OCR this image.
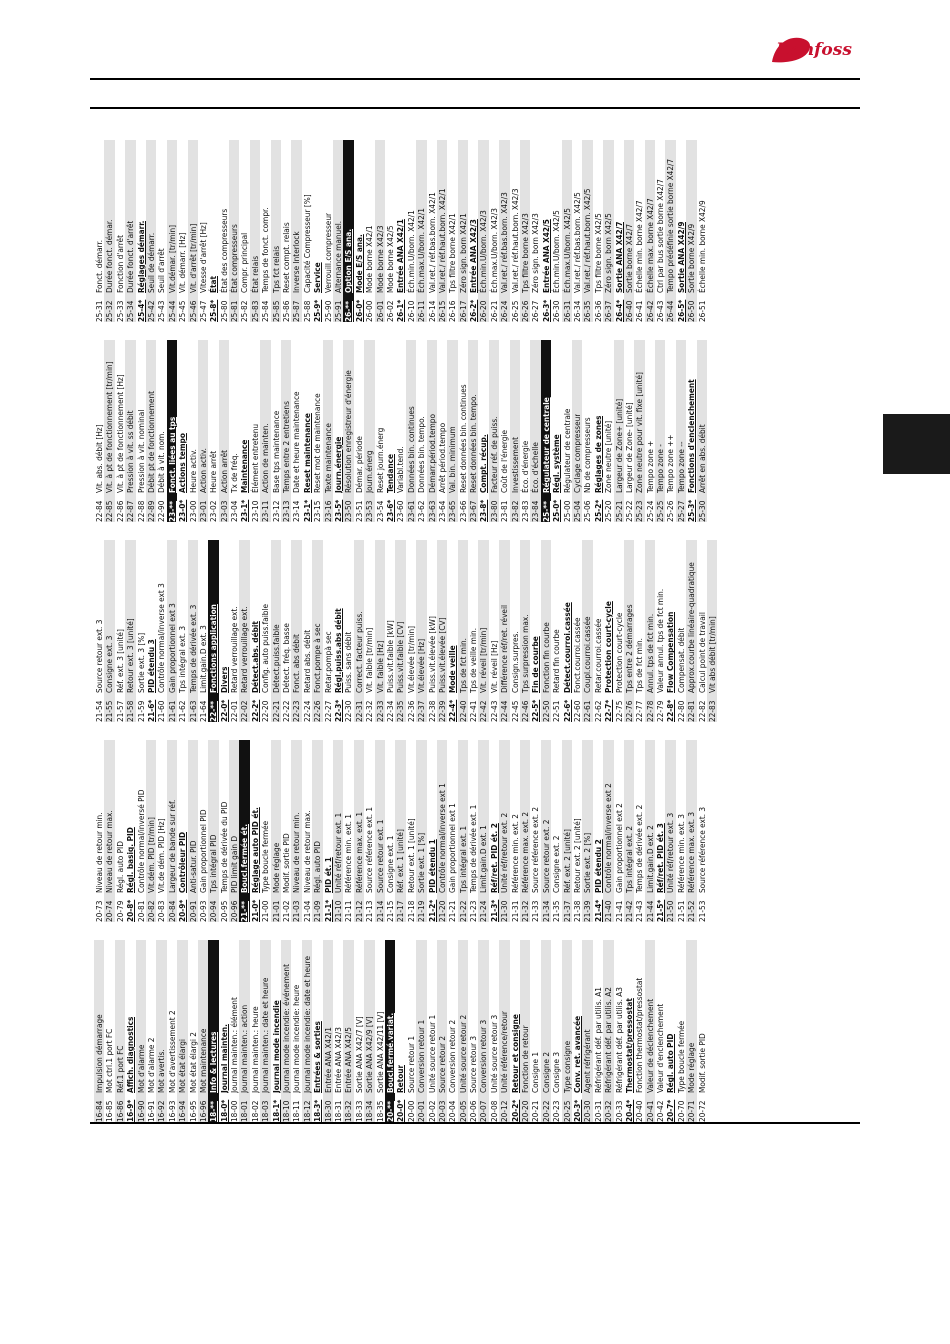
Danfoss
16-84
Impulsion démarrage
16-85
Mot ctrl.1 port FC
16-86
Réf.1 port FC
16-9*
Affich. diagnostics
16-90
Mot d'alarme
16-91
Mot d'alarme 2
16-92
Mot avertis.
16-93
Mot d'avertissement 2
16-94
Mot état élargi
16-95
Mot état élargi 2
16-96
Mot maintenance
18-**
Info & lectures
18-0*
Journal mainten.
18-00
Journal mainten.: élément
18-01
Journal mainten.: action
18-02
Journal mainten.: heure
18-03
Journal mainten.: date et heure
18-1*
Journal mode incendie
18-10
Journal mode incendie: événement
18-11
Journal mode incendie: heure
18-12
Journal mode incendie: date et heure
18-3*
Entrées & sorties
18-30
Entrée ANA X42/1
18-31
Entrée ANA X42/3
18-32
Entrée ANA X42/5
18-33
Sortie ANA X42/7 [V]
18-34
Sortie ANA X42/9 [V]
18-35
Sortie ANA X42/11 [V]
20-**
Boucl.fermé.variat.
20-0*
Retour
20-00
Source retour 1
20-01
Conversion retour 1
20-02
Unité source retour 1
20-03
Source retour 2
20-04
Conversion retour 2
20-05
Unité source retour 2
20-06
Source retour 3
20-07
Conversion retour 3
20-08
Unité source retour 3
20-12
Unité référence/retour
20-2*
Retour et consigne
20-20
Fonction de retour
20-21
Consigne 1
20-22
Consigne 2
20-23
Consigne 3
20-25
Type consigne
20-3*
Conv. ret. avancée
20-30
Agent réfrigérant
20-31
Réfrigérant déf. par utilis. A1
20-32
Réfrigérant déf. par utilis. A2
20-33
Réfrigérant déf. par utilis. A3
20-4*
Thermostat/pressostat
20-40
Fonction thermostat/pressostat
20-41
Valeur de déclenchement
20-42
Valeur d'enclenchement
20-7*
Régl. auto PID
20-70
Type boucle fermée
20-71
Mode réglage
20-72
Modif. sortie PID
20-73
Niveau de retour min.
20-74
Niveau de retour max.
20-79
Régl. auto PID
20-8*
Régl. basiq. PID
20-81
Contrôle normal/inversé PID
20-82
Vit.dém. PID [tr/min]
20-83
Vit.de dém. PID [Hz]
20-84
Largeur de bande sur réf.
20-9*
Contrôleur PID
20-91
Anti-satur. PID
20-93
Gain proportionnel PID
20-94
Tps intégral PID
20-95
Temps de dérivée du PID
20-96
PID limit gain D
21-**
Boucl.fermée ét.
21-0*
Réglage auto PID ét.
21-00
Type boucle fermée
21-01
Mode réglage
21-02
Modif. sortie PID
21-03
Niveau de retour min.
21-04
Niveau de retour max.
21-09
Régl. auto PID
21-1*
PID ét. 1
21-10
Unité réf/retour ext. 1
21-11
Référence min. ext. 1
21-12
Référence max. ext. 1
21-13
Source référence ext. 1
21-14
Source retour ext. 1
21-15
Consigne ext. 1
21-17
Réf. ext. 1 [unité]
21-18
Retour ext. 1 [unité]
21-19
Sortie ext. 1 [%]
21-2*
PID étendu 1
21-20
Contrôle normal/inverse ext 1
21-21
Gain proportionnel ext 1
21-22
Tps intégral ext. 1
21-23
Temps de dérivée ext. 1
21-24
Limit.gain.D ext. 1
21-3*
Réf/ret. PID ét. 2
21-30
Unité réf/retour ext. 2
21-31
Référence min. ext. 2
21-32
Référence max. ext. 2
21-33
Source référence ext. 2
21-34
Source retour ext. 2
21-35
Consigne ext. 2
21-37
Réf. ext. 2 [unité]
21-38
Retour ext. 2 [unité]
21-39
Sortie ext. 2 [%]
21-4*
PID étendu 2
21-40
Contrôle normal/inverse ext 2
21-41
Gain proportionnel ext 2
21-42
Tps intégral ext. 2
21-43
Temps de dérivée ext. 2
21-44
Limit.gain.D ext. 2
21-5*
Réf/ret. PID ét. 3
21-50
Unité réf/retour ext. 3
21-51
Référence min. ext. 3
21-52
Référence max. ext. 3
21-53
Source référence ext. 3
21-54
Source retour ext. 3
21-55
Consigne ext. 3
21-57
Réf. ext. 3 [unité]
21-58
Retour ext. 3 [unité]
21-59
Sortie ext. 3 [%]
21-6*
PID étendu 3
21-60
Contrôle normal/inverse ext 3
21-61
Gain proportionnel ext 3
21-62
Tps intégral ext. 3
21-63
Temps de dérivée ext. 3
21-64
Limit.gain.D ext. 3
22-**
Fonctions application
22-0*
Divers
22-01
Retard verrouillage ext.
22-02
Retard verrouillage ext.
22-2*
Détect.abs. débit
22-20
Config. auto puiss.faible
22-21
Détect.puiss.faible
22-22
Détect. fréq. basse
22-23
Fonct. abs débit
22-24
Retard abs. débit
22-26
Fonct.pompe à sec
22-27
Retar.pompà sec
22-3*
Régl.puiss.abs débit
22-30
Puiss. sans débit
22-31
Correct. facteur puiss.
22-32
Vit. faible [tr/min]
22-33
Vit. faible [Hz]
22-34
Puiss.vit.faible [kW]
22-35
Puiss.vit.faible [CV]
22-36
Vit.élevée [tr/min]
22-37
Vit.élevée [Hz]
22-38
Puiss.vit.élevée [kW]
22-39
Puiss.vit.élevée [CV]
22-4*
Mode veille
22-40
Tps de fct min.
22-41
Tps de veille min.
22-42
Vit. réveil [tr/min]
22-43
Vit. réveil [Hz]
22-44
Différence réf/ret. réveil
22-45
Consign.surpres.
22-46
Tps surpression max.
22-5*
Fin de courbe
22-50
Fonction fin courbe
22-51
Retard fin courbe
22-6*
Détect.courroi.cassée
22-60
Fonct.courroi.cassée
22-61
Coupl.courroi.cassée
22-62
Retar.courroi.cassée
22-7*
Protection court-cycle
22-75
Protection court-cycle
22-76
Tps entre 2 démarrages
22-77
Tps de fct min.
22-78
Annul. tps de fct min.
22-79
Valeur annul. tps de fct min.
22-8*
Flow Compensation
22-80
Compensat. débit
22-81
Approx.courbe linéaire-quadratique
22-82
Calcul point de travail
22-83
Vit abs débit [tr/min]
22-84
Vit. abs. débit [Hz]
22-85
Vit. à pt de fonctionnement [tr/min]
22-86
Vit. à pt de fonctionnement [Hz]
22-87
Pression à vit. ss débit
22-88
Pression à vit. nominal
22-89
Débit pt de fonctionnement
22-90
Débit à vit. nom.
23-**
Fonct. liées au tps
23-0*
Actions tempo
23-00
Heure activ.
23-01
Action activ.
23-02
Heure arrêt
23-03
Action arrêt
23-04
Tx de fréq.
23-1*
Maintenance
23-10
Élément entretenu
23-11
Action de mainten.
23-12
Base tps maintenance
23-13
Temps entre 2 entretiens
23-14
Date et heure maintenance
23-1*
Reset maintenance
23-15
Reset mot de maintenance
23-16
Texte maintenance
23-5*
Journ.énergie
23-50
Résolution enregistreur d'énergie
23-51
Démar. période
23-53
Journ.énerg
23-54
Reset journ.énerg
23-6*
Tendance
23-60
Variabl.tend.
23-61
Données bin. continues
23-62
Données bin. tempo.
23-63
Démarr.périod.tempo
23-64
Arrêt périod.tempo
23-65
Val. bin. minimum
23-66
Reset données bin. continues
23-67
Reset données bin. tempo.
23-8*
Compt. récup.
23-80
Facteur réf. de puiss.
23-81
Coût de l'énergie
23-82
Investissement
23-83
Éco. d'énergie
23-84
Éco. d'échelle
25-**
Régulateur de centrale
25-0*
Régl. système
25-00
Régulateur de centrale
25-04
Cyclage compresseur
25-06
Nb de compresseurs
25-2*
Réglages de zones
25-20
Zone neutre [unité]
25-21
Largeur de Zone+ [unité]
25-22
Largeur de Zone- [unité]
25-23
Zone neutre pour vit. fixe [unité]
25-24
Tempo zone +
25-25
Tempo zone -
25-26
Tempo zone ++
25-27
Tempo zone --
25-3*
Fonctions d'enclenchement
25-30
Arrêt en abs. débit
25-31
Fonct. démarr.
25-32
Durée fonct. démar.
25-33
Fonction d'arrêt
25-34
Durée fonct. d'arrêt
25-4*
Réglages démarr.
25-42
Seuil de démarr.
25-43
Seuil d'arrêt
25-44
Vit.démar. [tr/min]
25-45
Vit. démarr. [Hz]
25-46
Vit. d'arrêt [tr/min]
25-47
Vitesse d'arrêt [Hz]
25-8*
État
25-80
État des compresseurs
25-81
État compresseurs
25-82
Compr. principal
25-83
État relais
25-84
Temps de fonct. compr.
25-85
Tps fct relais
25-86
Reset compt. relais
25-87
Inverse Interlock
25-88
Capacité Compresseur [%]
25-9*
Service
25-90
Verrouill.compresseur
25-91
Alternance manuel.
26-**
Option E/S ana.
26-0*
Mode E/S ana.
26-00
Mode borne X42/1
26-01
Mode borne X42/3
26-02
Mode borne X42/5
26-1*
Entrée ANA X42/1
26-10
Éch.min.U/born. X42/1
26-11
Éch.max.U/born. X42/1
26-14
Val.ret./ réf.bas.born. X42/1
26-15
Val.ret./ réf.haut.born. X42/1
26-16
Tps filtre borne X42/1
26-17
Zéro sign. born X42/1
26-2*
Entrée ANA X42/3
26-20
Éch.min.U/born. X42/3
26-21
Éch.max.U/born. X42/3
26-24
Val.ret./ réf.bas.born. X42/3
26-25
Val.ret./ réf.haut.born. X42/3
26-26
Tps filtre borne X42/3
26-27
Zéro sign. born X42/3
26-3*
Entrée ANA X42/5
26-30
Éch.min.U/born. X42/5
26-31
Éch.max.U/born. X42/5
26-34
Val.ret./ réf.bas.born. X42/5
26-35
Val.ret./ réf.haut.born. X42/5
26-36
Tps filtre borne X42/5
26-37
Zéro sign. born X42/5
26-4*
Sortie ANA X42/7
26-40
Sortie borne X42/7
26-41
Échelle min. borne X42/7
26-42
Échelle max. borne X42/7
26-43
Ctrl par bus sortie borne X42/7
26-44
Tempo prédéfinie sortie borne X42/7
26-5*
Sortie ANA X42/9
26-50
Sortie borne X42/9
26-51
Échelle min. borne X42/9
